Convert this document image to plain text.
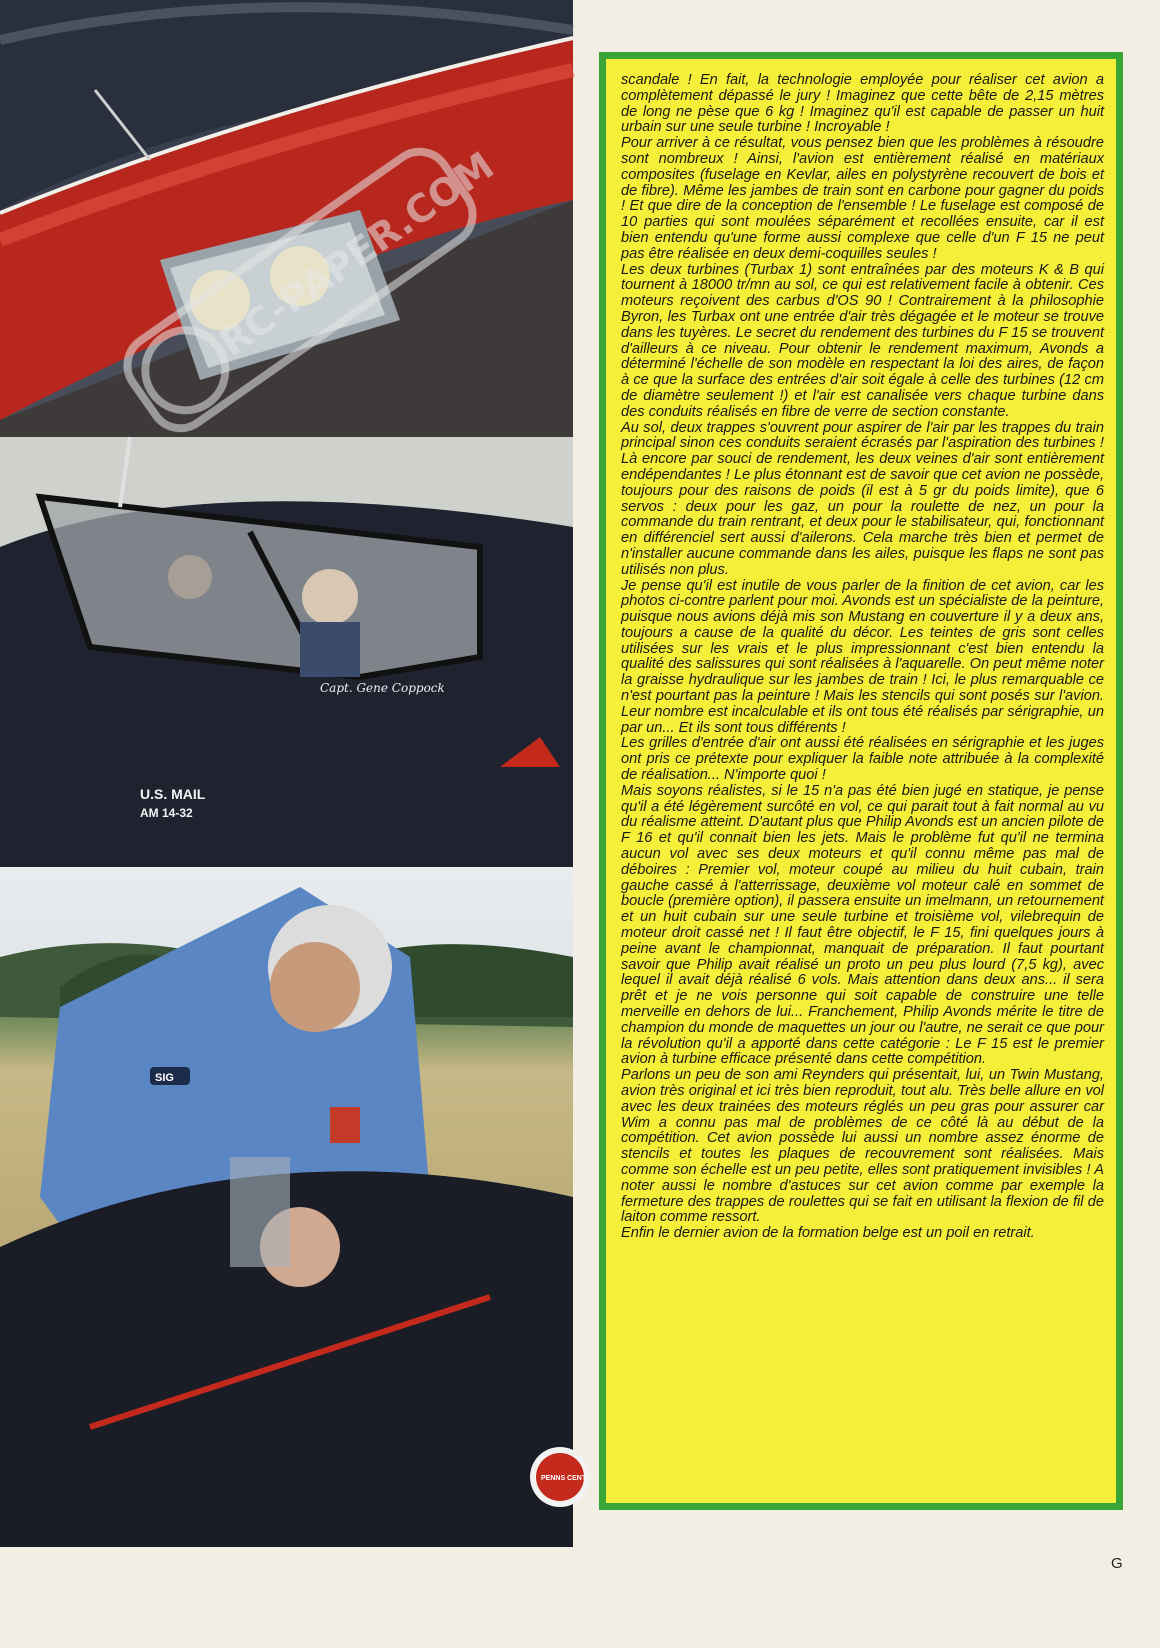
Capt. Gene Coppock
U.S. MAIL
AM 14-32
SIG
PENNS CENT
RC-PAPER.COM

scandale ! En fait, la technologie employée pour réaliser cet avion a complètement dépassé le jury ! Imaginez que cette bête de 2,15 mètres de long ne pèse que 6 kg ! Imaginez qu'il est capable de passer un huit urbain sur une seule turbine ! Incroyable !

Pour arriver à ce résultat, vous pensez bien que les problèmes à résoudre sont nombreux ! Ainsi, l'avion est entièrement réalisé en matériaux composites (fuselage en Kevlar, ailes en polystyrène recouvert de bois et de fibre). Même les jambes de train sont en carbone pour gagner du poids ! Et que dire de la conception de l'ensemble ! Le fuselage est composé de 10 parties qui sont moulées séparément et recollées ensuite, car il est bien entendu qu'une forme aussi complexe que celle d'un F 15 ne peut pas être réalisée en deux demi-coquilles seules !

Les deux turbines (Turbax 1) sont entraînées par des moteurs K & B qui tournent à 18000 tr/mn au sol, ce qui est relativement facile à obtenir. Ces moteurs reçoivent des carbus d'OS 90 ! Contrairement à la philosophie Byron, les Turbax ont une entrée d'air très dégagée et le moteur se trouve dans les tuyères. Le secret du rendement des turbines du F 15 se trouvent d'ailleurs à ce niveau. Pour obtenir le rendement maximum, Avonds a déterminé l'échelle de son modèle en respectant la loi des aires, de façon à ce que la surface des entrées d'air soit égale à celle des turbines (12 cm de diamètre seulement !) et l'air est canalisée vers chaque turbine dans des conduits réalisés en fibre de verre de section constante.

Au sol, deux trappes s'ouvrent pour aspirer de l'air par les trappes du train principal sinon ces conduits seraient écrasés par l'aspiration des turbines ! Là encore par souci de rendement, les deux veines d'air sont entièrement endépendantes ! Le plus étonnant est de savoir que cet avion ne possède, toujours pour des raisons de poids (il est à 5 gr du poids limite), que 6 servos : deux pour les gaz, un pour la roulette de nez, un pour la commande du train rentrant, et deux pour le stabilisateur, qui, fonctionnant en différenciel sert aussi d'ailerons. Cela marche très bien et permet de n'installer aucune commande dans les ailes, puisque les flaps ne sont pas utilisés non plus.

Je pense qu'il est inutile de vous parler de la finition de cet avion, car les photos ci-contre parlent pour moi. Avonds est un spécialiste de la peinture, puisque nous avions déjà mis son Mustang en couverture il y a deux ans, toujours a cause de la qualité du décor. Les teintes de gris sont celles utilisées sur les vrais et le plus impressionnant c'est bien entendu la qualité des salissures qui sont réalisées à l'aquarelle. On peut même noter la graisse hydraulique sur les jambes de train ! Ici, le plus remarquable ce n'est pourtant pas la peinture ! Mais les stencils qui sont posés sur l'avion. Leur nombre est incalculable et ils ont tous été réalisés par sérigraphie, un par un... Et ils sont tous différents !

Les grilles d'entrée d'air ont aussi été réalisées en sérigraphie et les juges ont pris ce prétexte pour expliquer la faible note attribuée à la complexité de réalisation... N'importe quoi !

Mais soyons réalistes, si le 15 n'a pas été bien jugé en statique, je pense qu'il a été légèrement surcôté en vol, ce qui parait tout à fait normal au vu du réalisme atteint. D'autant plus que Philip Avonds est un ancien pilote de F 16 et qu'il connait bien les jets. Mais le problème fut qu'il ne termina aucun vol avec ses deux moteurs et qu'il connu même pas mal de déboires : Premier vol, moteur coupé au milieu du huit cubain, train gauche cassé à l'atterrissage, deuxième vol moteur calé en sommet de boucle (première option), il passera ensuite un imelmann, un retournement et un huit cubain sur une seule turbine et troisième vol, vilebrequin de moteur droit cassé net ! Il faut être objectif, le F 15, fini quelques jours à peine avant le championnat, manquait de préparation. Il faut pourtant savoir que Philip avait réalisé un proto un peu plus lourd (7,5 kg), avec lequel il avait déjà réalisé 6 vols. Mais attention dans deux ans... il sera prêt et je ne vois personne qui soit capable de construire une telle merveille en dehors de lui... Franchement, Philip Avonds mérite le titre de champion du monde de maquettes un jour ou l'autre, ne serait ce que pour la révolution qu'il a apporté dans cette catégorie : Le F 15 est le premier avion à turbine efficace présenté dans cette compétition.

Parlons un peu de son ami Reynders qui présentait, lui, un Twin Mustang, avion très original et ici très bien reproduit, tout alu. Très belle allure en vol avec les deux trainées des moteurs réglés un peu gras pour assurer car Wim a connu pas mal de problèmes de ce côté là au début de la compétition. Cet avion possède lui aussi un nombre assez énorme de stencils et toutes les plaques de recouvrement sont réalisées. Mais comme son échelle est un peu petite, elles sont pratiquement invisibles ! A noter aussi le nombre d'astuces sur cet avion comme par exemple la fermeture des trappes de roulettes qui se fait en utilisant la flexion de fil de laiton comme ressort.

Enfin le dernier avion de la formation belge est un poil en retrait.

G
